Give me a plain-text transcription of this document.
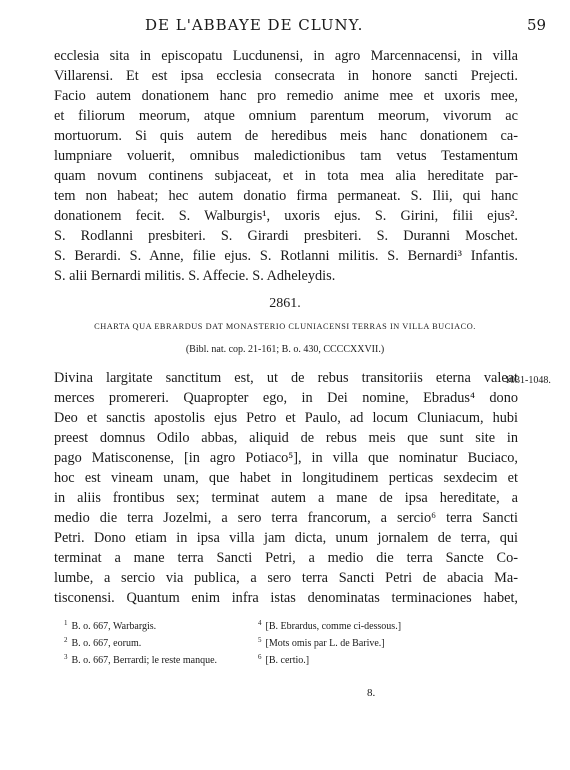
DE L'ABBAYE DE CLUNY.	59
ecclesia sita in episcopatu Lucdunensi, in agro Marcennacensi, in villa
Villarensi. Et est ipsa ecclesia consecrata in honore sancti Prejecti.
Facio autem donationem hanc pro remedio anime mee et uxoris mee,
et filiorum meorum, atque omnium parentum meorum, vivorum ac
mortuorum. Si quis autem de heredibus meis hanc donationem ca-
lumpniare voluerit, omnibus maledictionibus tam vetus Testamentum
quam novum continens subjaceat, et in tota mea alia hereditate par-
tem non habeat; hec autem donatio firma permaneat. S. Ilii, qui hanc
donationem fecit. S. Walburgis¹, uxoris ejus. S. Girini, filii ejus².
S. Rodlanni presbiteri. S. Girardi presbiteri. S. Duranni Moschet.
S. Berardi. S. Anne, filie ejus. S. Rotlanni militis. S. Bernardi³ Infantis.
S. alii Bernardi militis. S. Affecie. S. Adheleydis.
2861.
CHARTA QUA EBRARDUS DAT MONASTERIO CLUNIACENSI TERRAS IN VILLA BUCIACO.
(Bibl. nat. cop. 21-161; B. o. 430, CCCCXXVII.)
1031-1048.
Divina largitate sanctitum est, ut de rebus transitoriis eterna valeat
merces promereri. Quapropter ego, in Dei nomine, Ebradus⁴ dono
Deo et sanctis apostolis ejus Petro et Paulo, ad locum Cluniacum, hubi
preest domnus Odilo abbas, aliquid de rebus meis que sunt site in
pago Matisconense, [in agro Potiaco⁵], in villa que nominatur Buciaco,
hoc est vineam unam, que habet in longitudinem perticas sexdecim et
in aliis frontibus sex; terminat autem a mane de ipsa hereditate, a
medio die terra Jozelmi, a sero terra francorum, a sercio⁶ terra Sancti
Petri. Dono etiam in ipsa villa jam dicta, unum jornalem de terra, qui
terminat a mane terra Sancti Petri, a medio die terra Sancte Co-
lumbe, a sercio via publica, a sero terra Sancti Petri de abacia Ma-
tisconensi. Quantum enim infra istas denominatas terminaciones habet,
$^1$ B. o. 667, Warbargis.
$^2$ B. o. 667, eorum.
$^3$ B. o. 667, Berrardi; le reste manque.
$^4$ [B. Ebrardus, comme ci-dessous.]
$^5$ [Mots omis par L. de Barive.]
$^6$ [B. certio.]
8.
